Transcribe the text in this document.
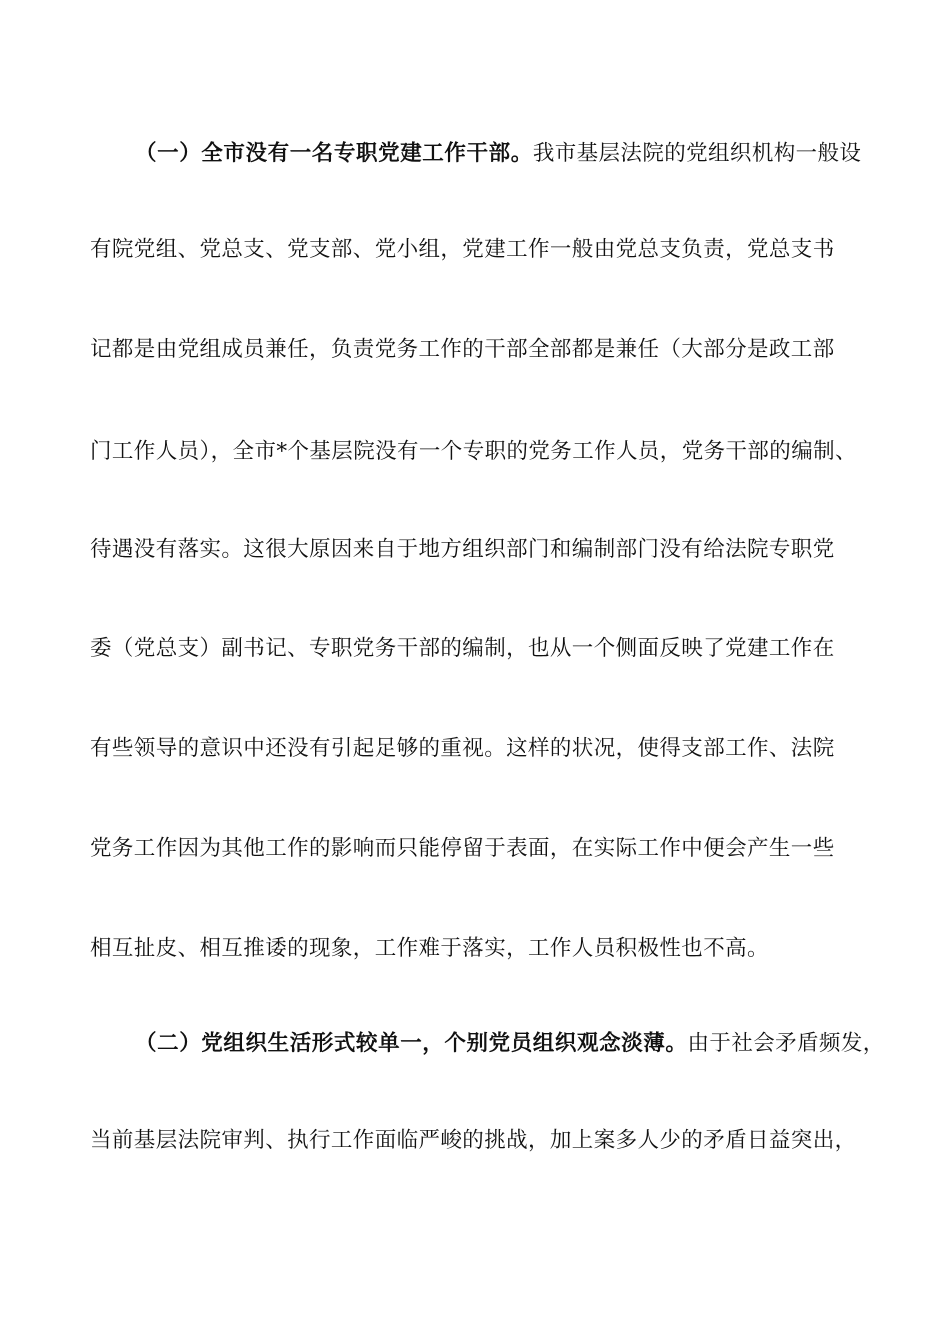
（一）全市没有一名专职党建工作干部。我市基层法院的党组织机构一般设
有院党组、党总支、党支部、党小组，党建工作一般由党总支负责，党总支书
记都是由党组成员兼任，负责党务工作的干部全部都是兼任（大部分是政工部
门工作人员），全市*个基层院没有一个专职的党务工作人员，党务干部的编制、
待遇没有落实。这很大原因来自于地方组织部门和编制部门没有给法院专职党
委（党总支）副书记、专职党务干部的编制，也从一个侧面反映了党建工作在
有些领导的意识中还没有引起足够的重视。这样的状况，使得支部工作、法院
党务工作因为其他工作的影响而只能停留于表面，在实际工作中便会产生一些
相互扯皮、相互推诿的现象，工作难于落实，工作人员积极性也不高。
（二）党组织生活形式较单一，个别党员组织观念淡薄。由于社会矛盾频发，
当前基层法院审判、执行工作面临严峻的挑战，加上案多人少的矛盾日益突出，
